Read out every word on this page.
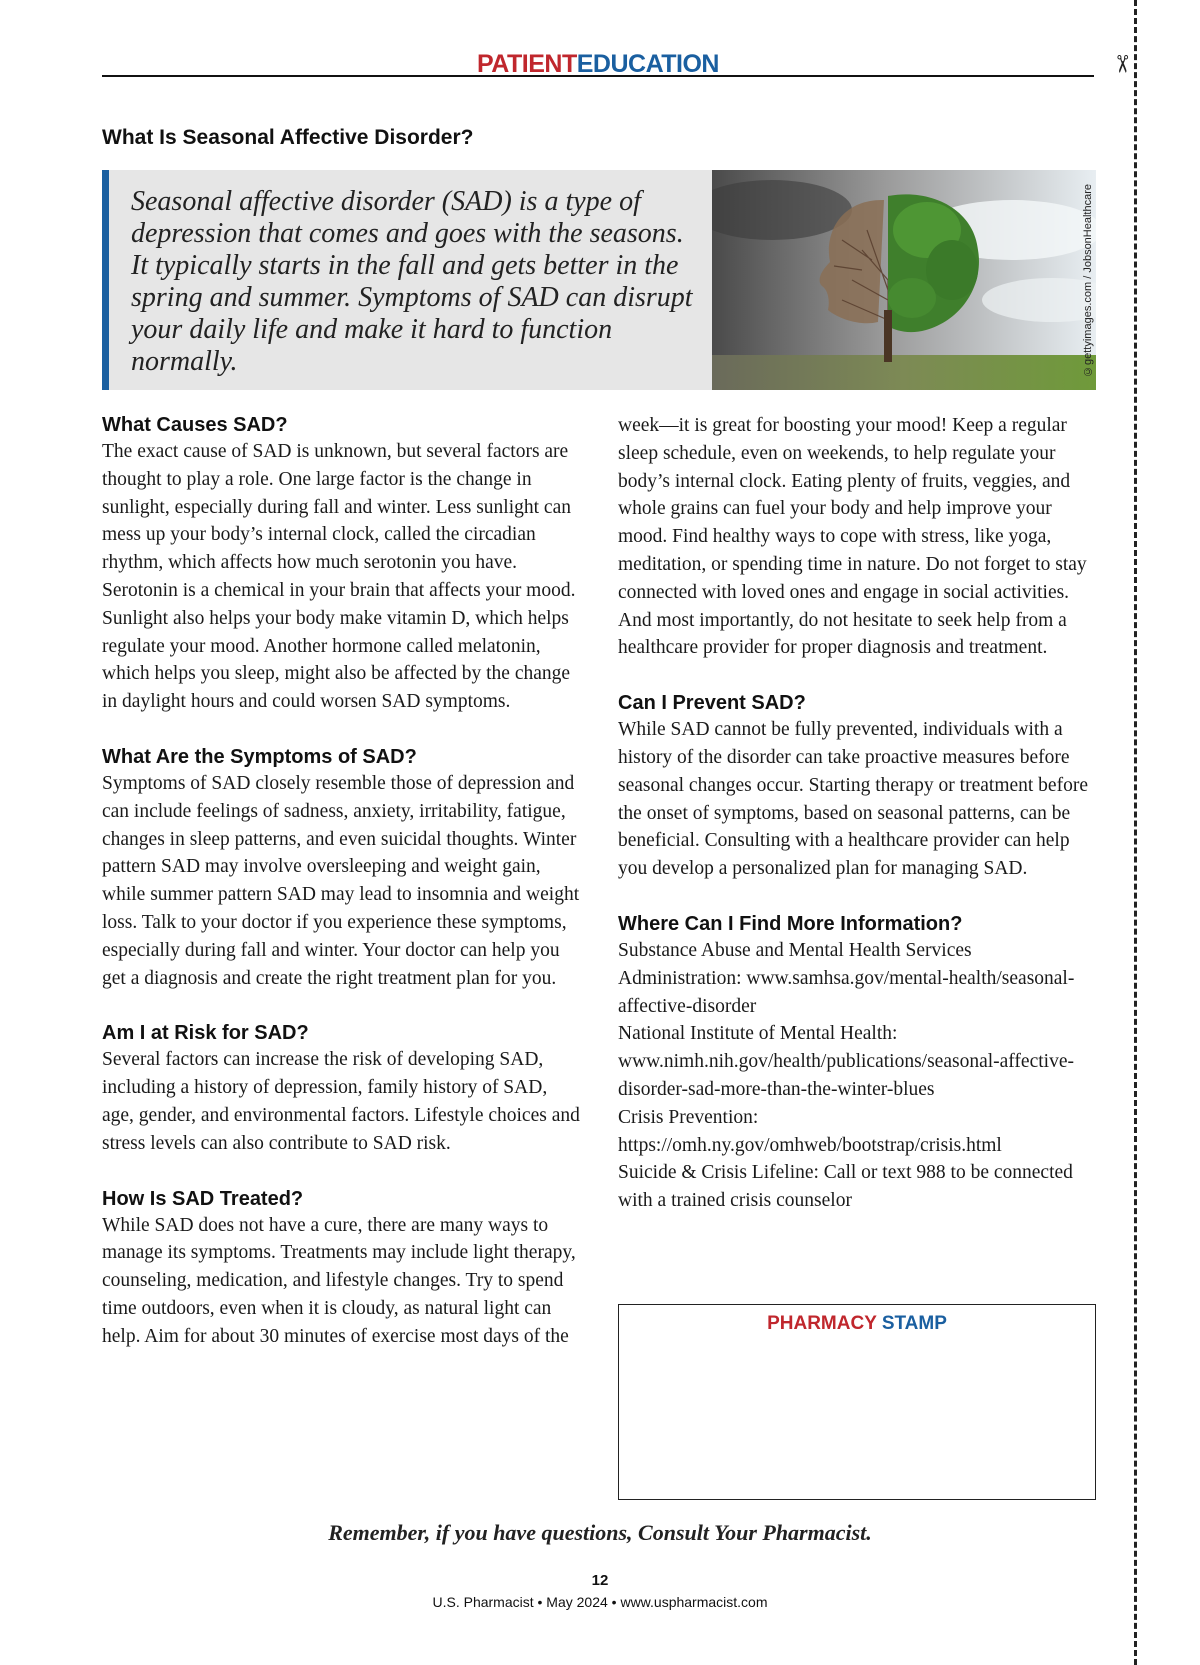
✂
PATIENTEDUCATION
What Is Seasonal Affective Disorder?

Seasonal affective disorder (SAD) is a type of depression that comes and goes with the seasons. It typically starts in the fall and gets better in the spring and summer. Symptoms of SAD can disrupt your daily life and make it hard to function normally.	©gettyimages.com / JobsonHealthcare
What Causes SAD?

The exact cause of SAD is unknown, but several factors are thought to play a role. One large factor is the change in sunlight, especially during fall and winter. Less sunlight can mess up your body’s internal clock, called the circadian rhythm, which affects how much serotonin you have. Serotonin is a chemical in your brain that affects your mood. Sunlight also helps your body make vitamin D, which helps regulate your mood. Another hormone called melatonin, which helps you sleep, might also be affected by the change in daylight hours and could worsen SAD symptoms.

What Are the Symptoms of SAD?

Symptoms of SAD closely resemble those of depression and can include feelings of sadness, anxiety, irritability, fatigue, changes in sleep patterns, and even suicidal thoughts. Winter pattern SAD may involve oversleeping and weight gain, while summer pattern SAD may lead to insomnia and weight loss. Talk to your doctor if you experience these symptoms, especially during fall and winter. Your doctor can help you get a diagnosis and create the right treatment plan for you.

Am I at Risk for SAD?

Several factors can increase the risk of developing SAD, including a history of depression, family history of SAD, age, gender, and environmental factors. Lifestyle choices and stress levels can also contribute to SAD risk.

How Is SAD Treated?

While SAD does not have a cure, there are many ways to manage its symptoms. Treatments may include light therapy, counseling, medication, and lifestyle changes. Try to spend time outdoors, even when it is cloudy, as natural light can help. Aim for about 30 minutes of exercise most days of the

week—it is great for boosting your mood! Keep a regular sleep schedule, even on weekends, to help regulate your body’s internal clock. Eating plenty of fruits, veggies, and whole grains can fuel your body and help improve your mood. Find healthy ways to cope with stress, like yoga, meditation, or spending time in nature. Do not forget to stay connected with loved ones and engage in social activities. And most importantly, do not hesitate to seek help from a healthcare provider for proper diagnosis and treatment.

Can I Prevent SAD?

While SAD cannot be fully prevented, individuals with a history of the disorder can take proactive measures before seasonal changes occur. Starting therapy or treatment before the onset of symptoms, based on seasonal patterns, can be beneficial. Consulting with a healthcare provider can help you develop a personalized plan for managing SAD.

Where Can I Find More Information?
Substance Abuse and Mental Health Services Administration: www.samhsa.gov/mental-health/seasonal-affective-disorder
National Institute of Mental Health: www.nimh.nih.gov/health/publications/seasonal-affective-disorder-sad-more-than-the-winter-blues
Crisis Prevention: https://omh.ny.gov/omhweb/bootstrap/crisis.html
Suicide & Crisis Lifeline: Call or text 988 to be connected with a trained crisis counselor
PHARMACY STAMP
Remember, if you have questions, Consult Your Pharmacist.
12
U.S. Pharmacist • May 2024 • www.uspharmacist.com
